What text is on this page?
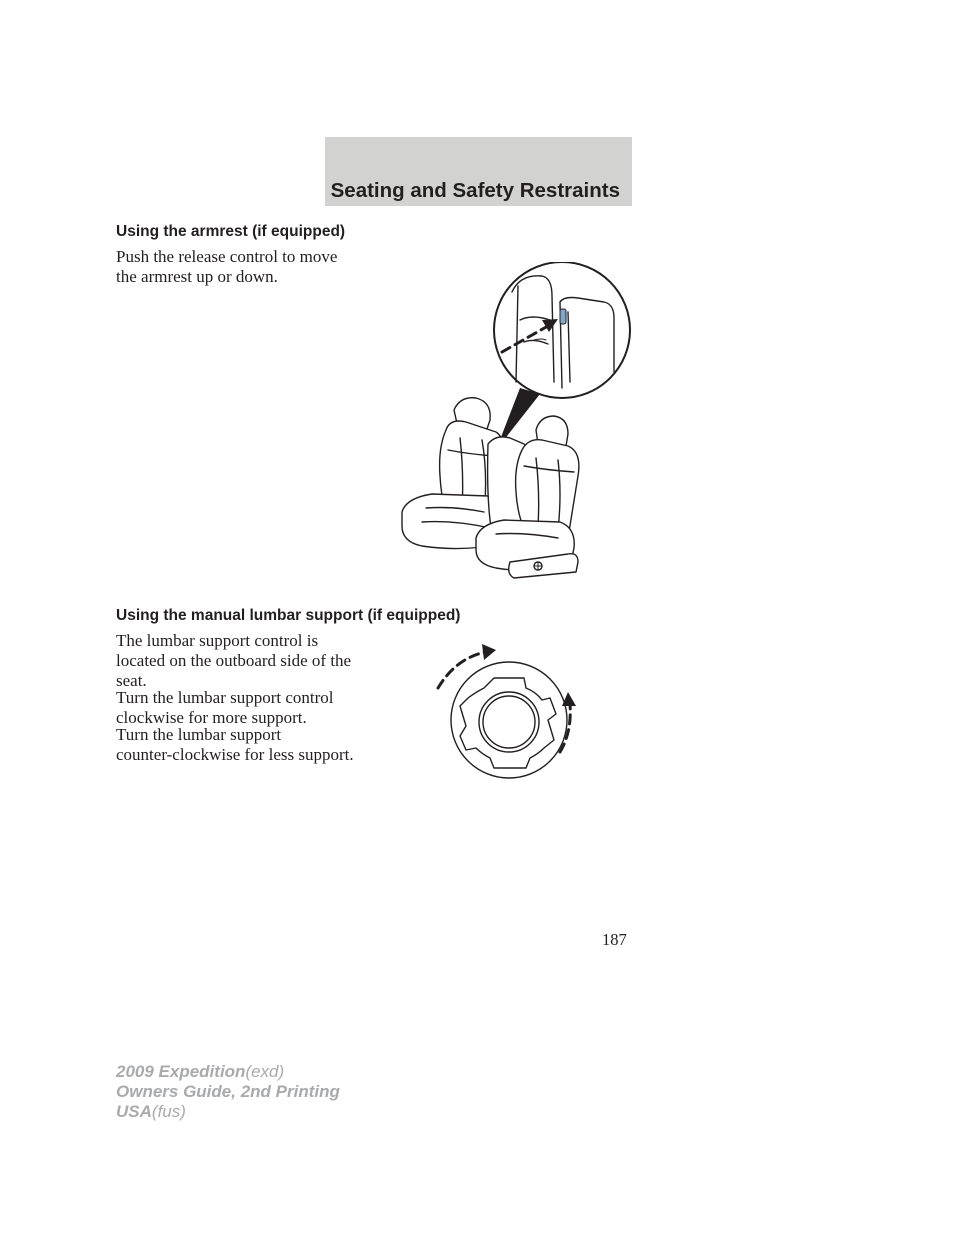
Seating and Safety Restraints
Using the armrest (if equipped)

Push the release control to move
the armrest up or down.

Using the manual lumbar support (if equipped)

The lumbar support control is
located on the outboard side of the
seat.

Turn the lumbar support control
clockwise for more support.

Turn the lumbar support
counter-clockwise for less support.

187
2009 Expedition(exd)
Owners Guide, 2nd Printing
USA(fus)
